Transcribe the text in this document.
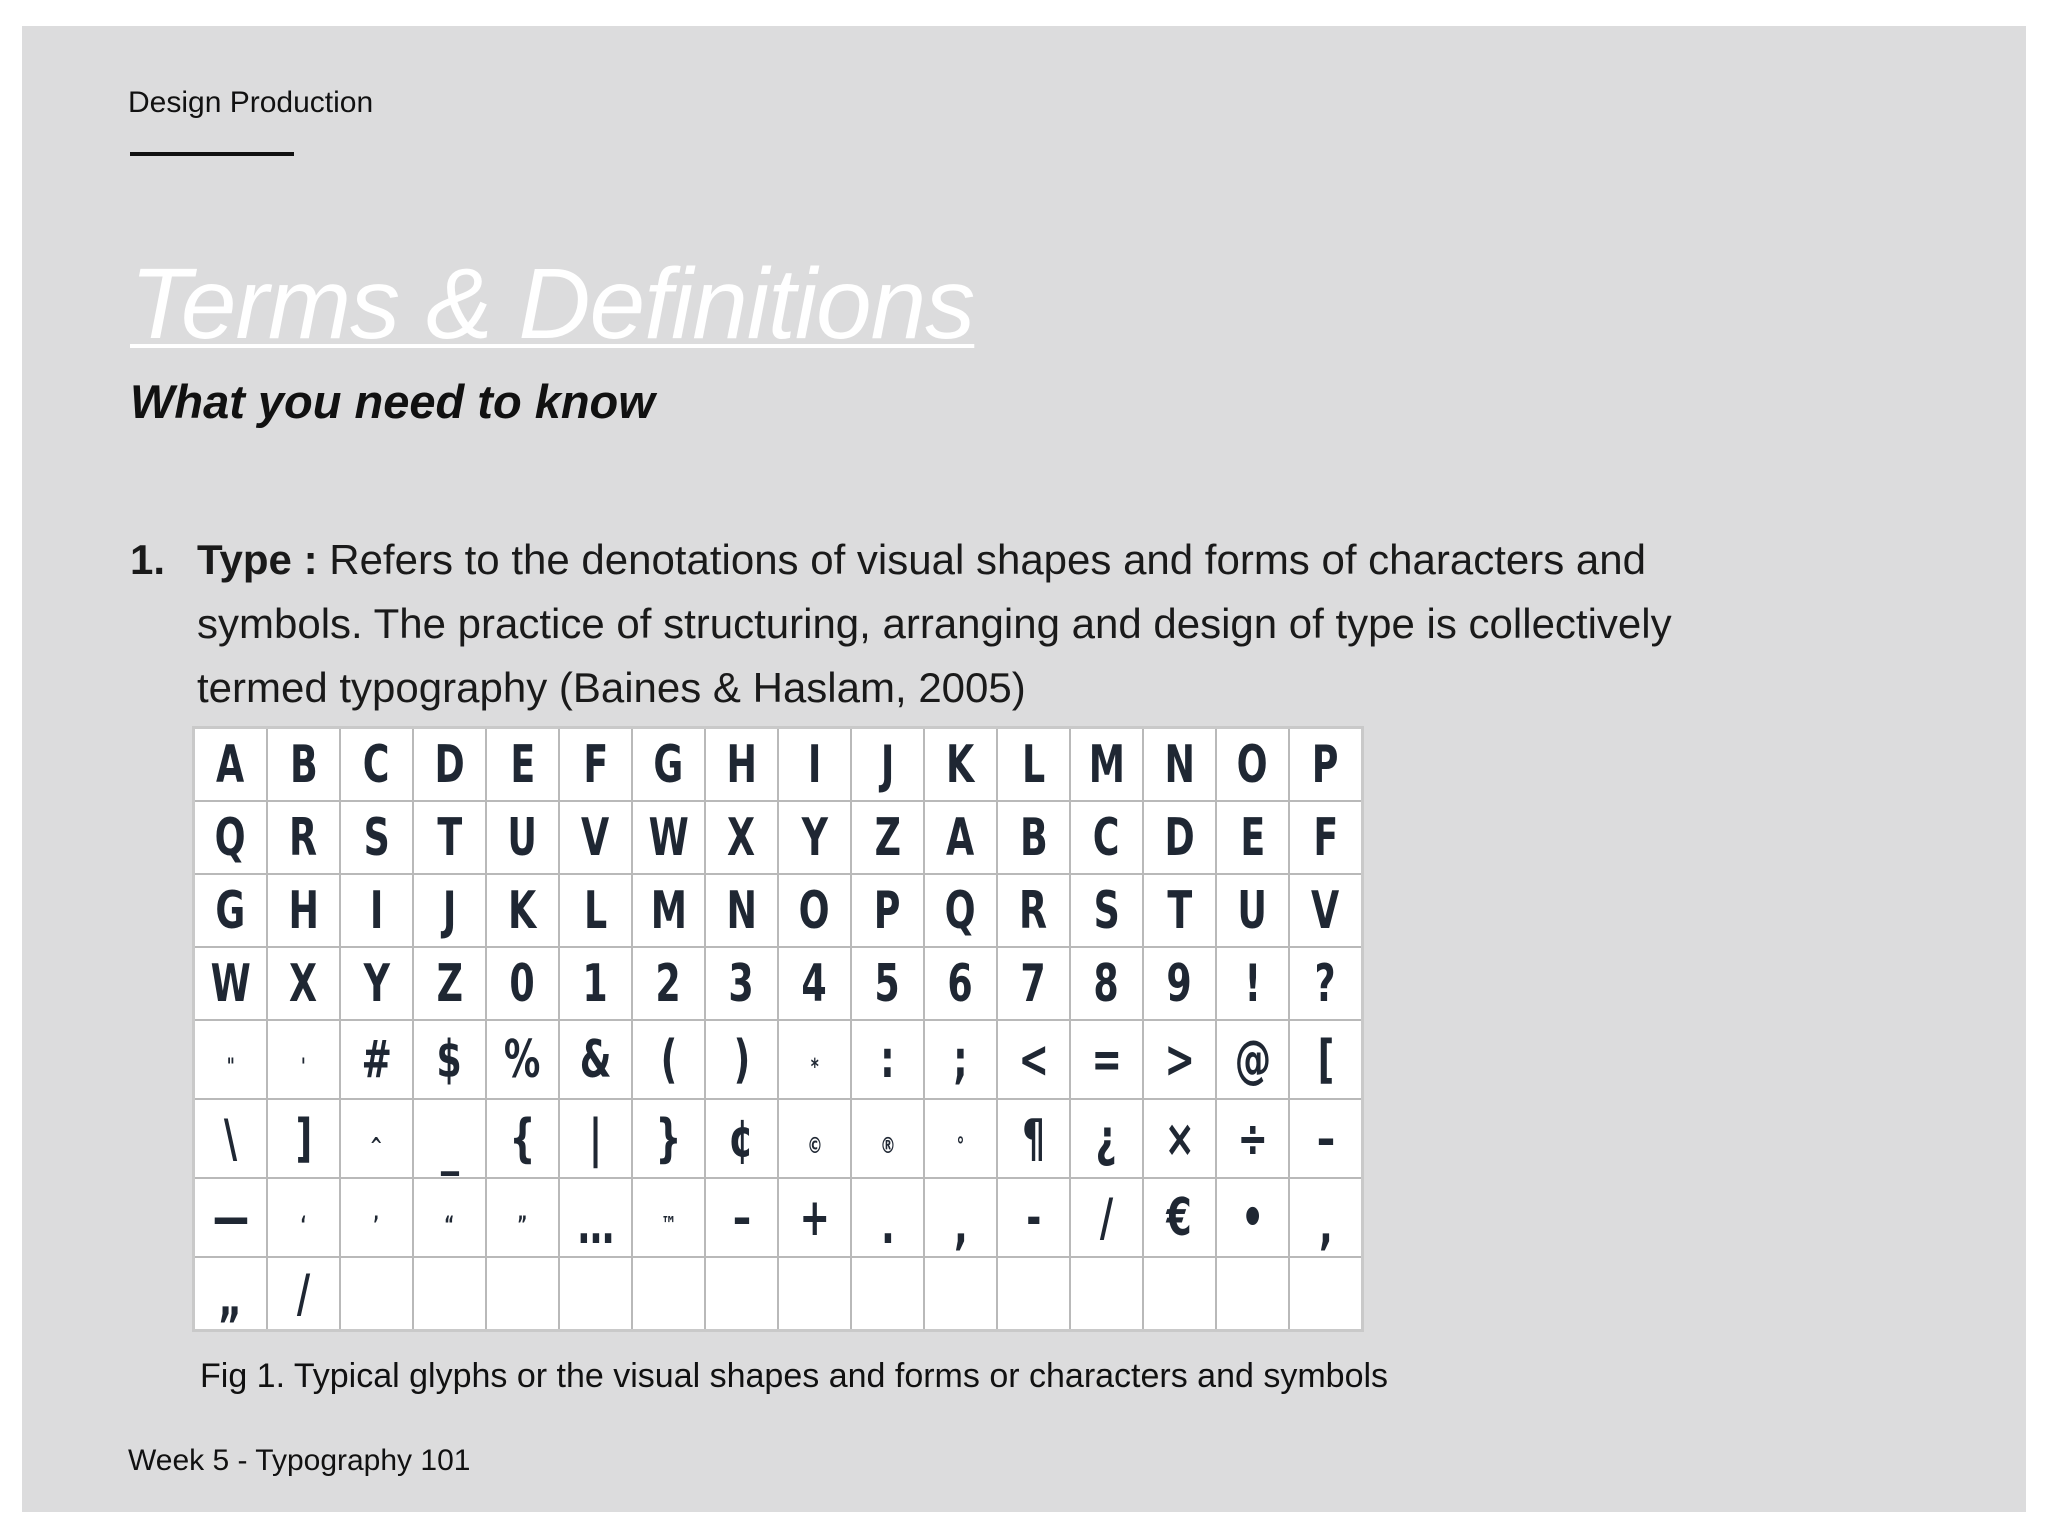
Design Production
Terms & Definitions
What you need to know
1. Type : Refers to the denotations of visual shapes and forms of characters and symbols. The practice of structuring, arranging and design of type is collectively termed typography (Baines & Haslam, 2005)
A	B	C	D	E	F	G	H	I	J	K	L	M	N	O	P
Q	R	S	T	U	V	W	X	Y	Z	A	B	C	D	E	F
G	H	I	J	K	L	M	N	O	P	Q	R	S	T	U	V
W	X	Y	Z	0	1	2	3	4	5	6	7	8	9	!	?
"	'	#	$	%	&	(	)	*	:	;	<	=	>	@	[
\	]	^	_	{	|	}	¢	©	®	°	¶	¿	×	÷	–
—	‘	’	“	”	…	™	–	+	.	,	-	/	€	•	,
„	/														
Fig 1. Typical glyphs or the visual shapes and forms or characters and symbols
Week 5 - Typography 101
